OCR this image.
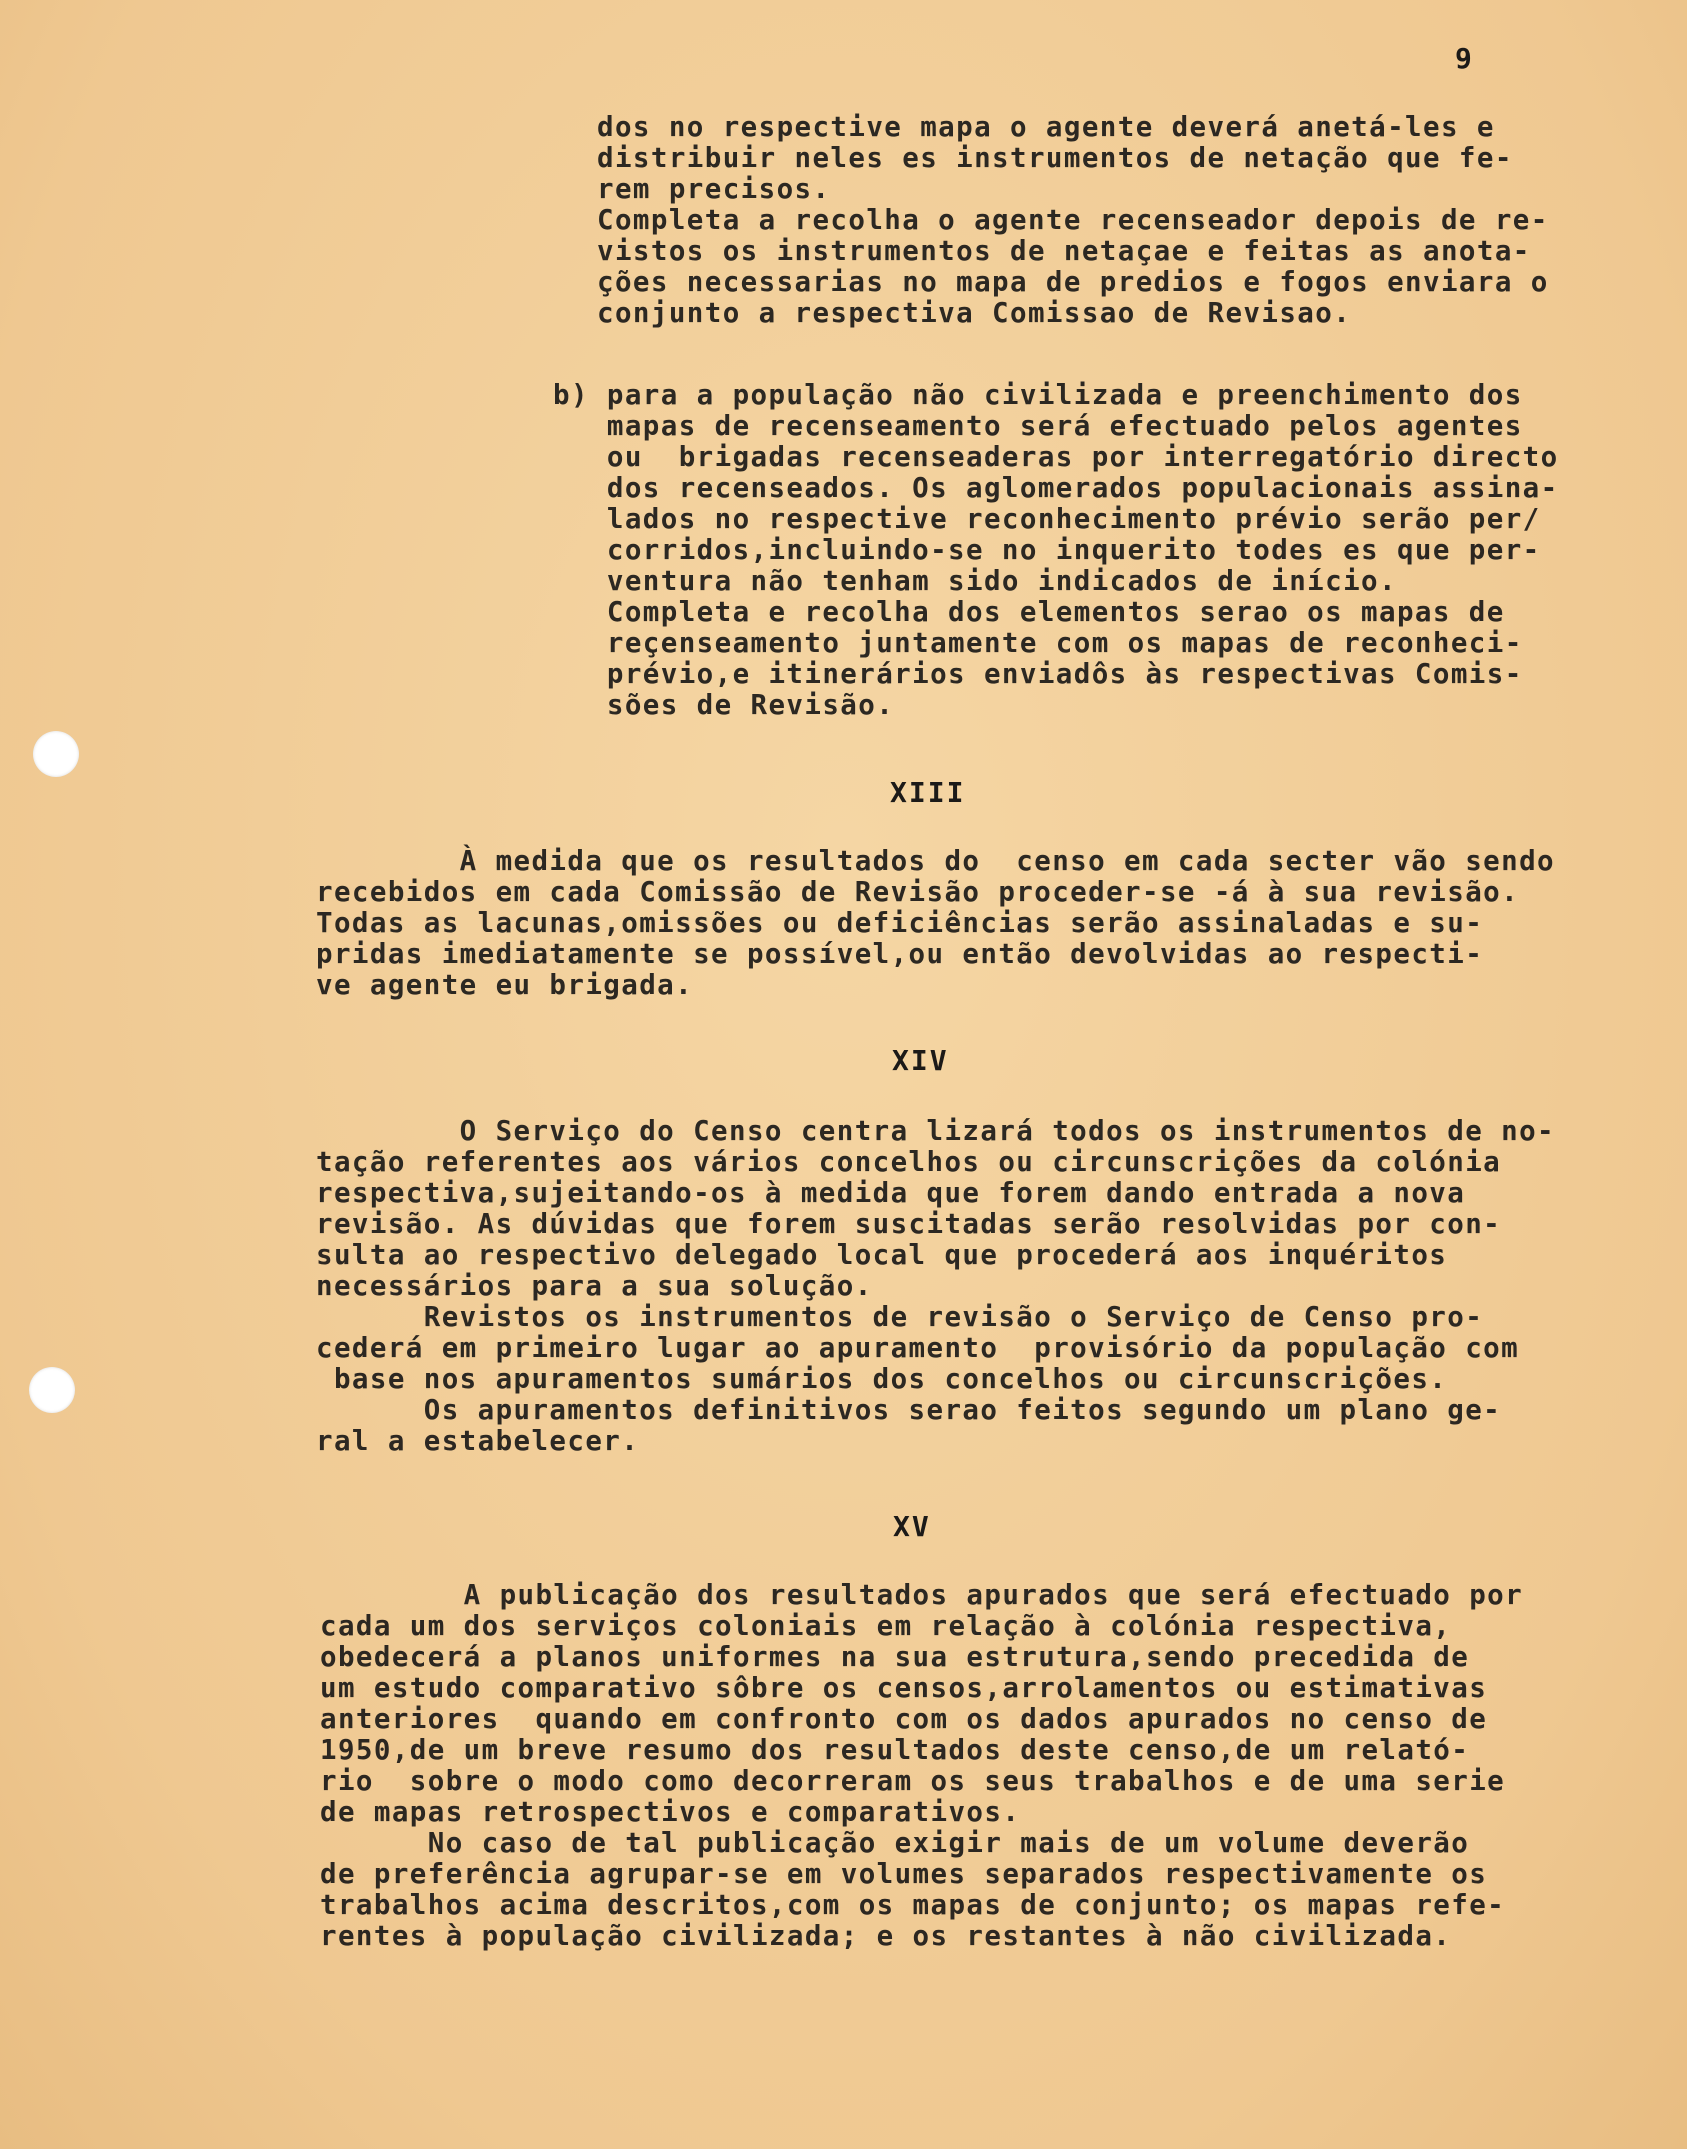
9
dos no respective mapa o agente deverá anetá-les e
distribuir neles es instrumentos de netação que fe-
rem precisos.
Completa a recolha o agente recenseador depois de re-
vistos os instrumentos de netaçae e feitas as anota-
ções necessarias no mapa de predios e fogos enviara o
conjunto a respectiva Comissao de Revisao.
b) para a população não civilizada e preenchimento dos
mapas de recenseamento será efectuado pelos agentes
ou  brigadas recenseaderas por interregatório directo
dos recenseados. Os aglomerados populacionais assina-
lados no respective reconhecimento prévio serão per/
corridos,incluindo-se no inquerito todes es que per-
ventura não tenham sido indicados de início.
Completa e recolha dos elementos serao os mapas de
reçenseamento juntamente com os mapas de reconheci-
prévio,e itinerários enviadôs às respectivas Comis-
sões de Revisão.
XIII
À medida que os resultados do  censo em cada secter vão sendo
recebidos em cada Comissão de Revisão proceder-se -á à sua revisão.
Todas as lacunas,omissões ou deficiências serão assinaladas e su-
pridas imediatamente se possível,ou então devolvidas ao respecti-
ve agente eu brigada.
XIV
O Serviço do Censo centra lizará todos os instrumentos de no-
tação referentes aos vários concelhos ou circunscrições da colónia
respectiva,sujeitando-os à medida que forem dando entrada a nova
revisão. As dúvidas que forem suscitadas serão resolvidas por con-
sulta ao respectivo delegado local que procederá aos inquéritos
necessários para a sua solução.
Revistos os instrumentos de revisão o Serviço de Censo pro-
cederá em primeiro lugar ao apuramento  provisório da população com
base nos apuramentos sumários dos concelhos ou circunscrições.
Os apuramentos definitivos serao feitos segundo um plano ge-
ral a estabelecer.
XV
A publicação dos resultados apurados que será efectuado por
cada um dos serviços coloniais em relação à colónia respectiva,
obedecerá a planos uniformes na sua estrutura,sendo precedida de
um estudo comparativo sôbre os censos,arrolamentos ou estimativas
anteriores  quando em confronto com os dados apurados no censo de
1950,de um breve resumo dos resultados deste censo,de um relató-
rio  sobre o modo como decorreram os seus trabalhos e de uma serie
de mapas retrospectivos e comparativos.
No caso de tal publicação exigir mais de um volume deverão
de preferência agrupar-se em volumes separados respectivamente os
trabalhos acima descritos,com os mapas de conjunto; os mapas refe-
rentes à população civilizada; e os restantes à não civilizada.
